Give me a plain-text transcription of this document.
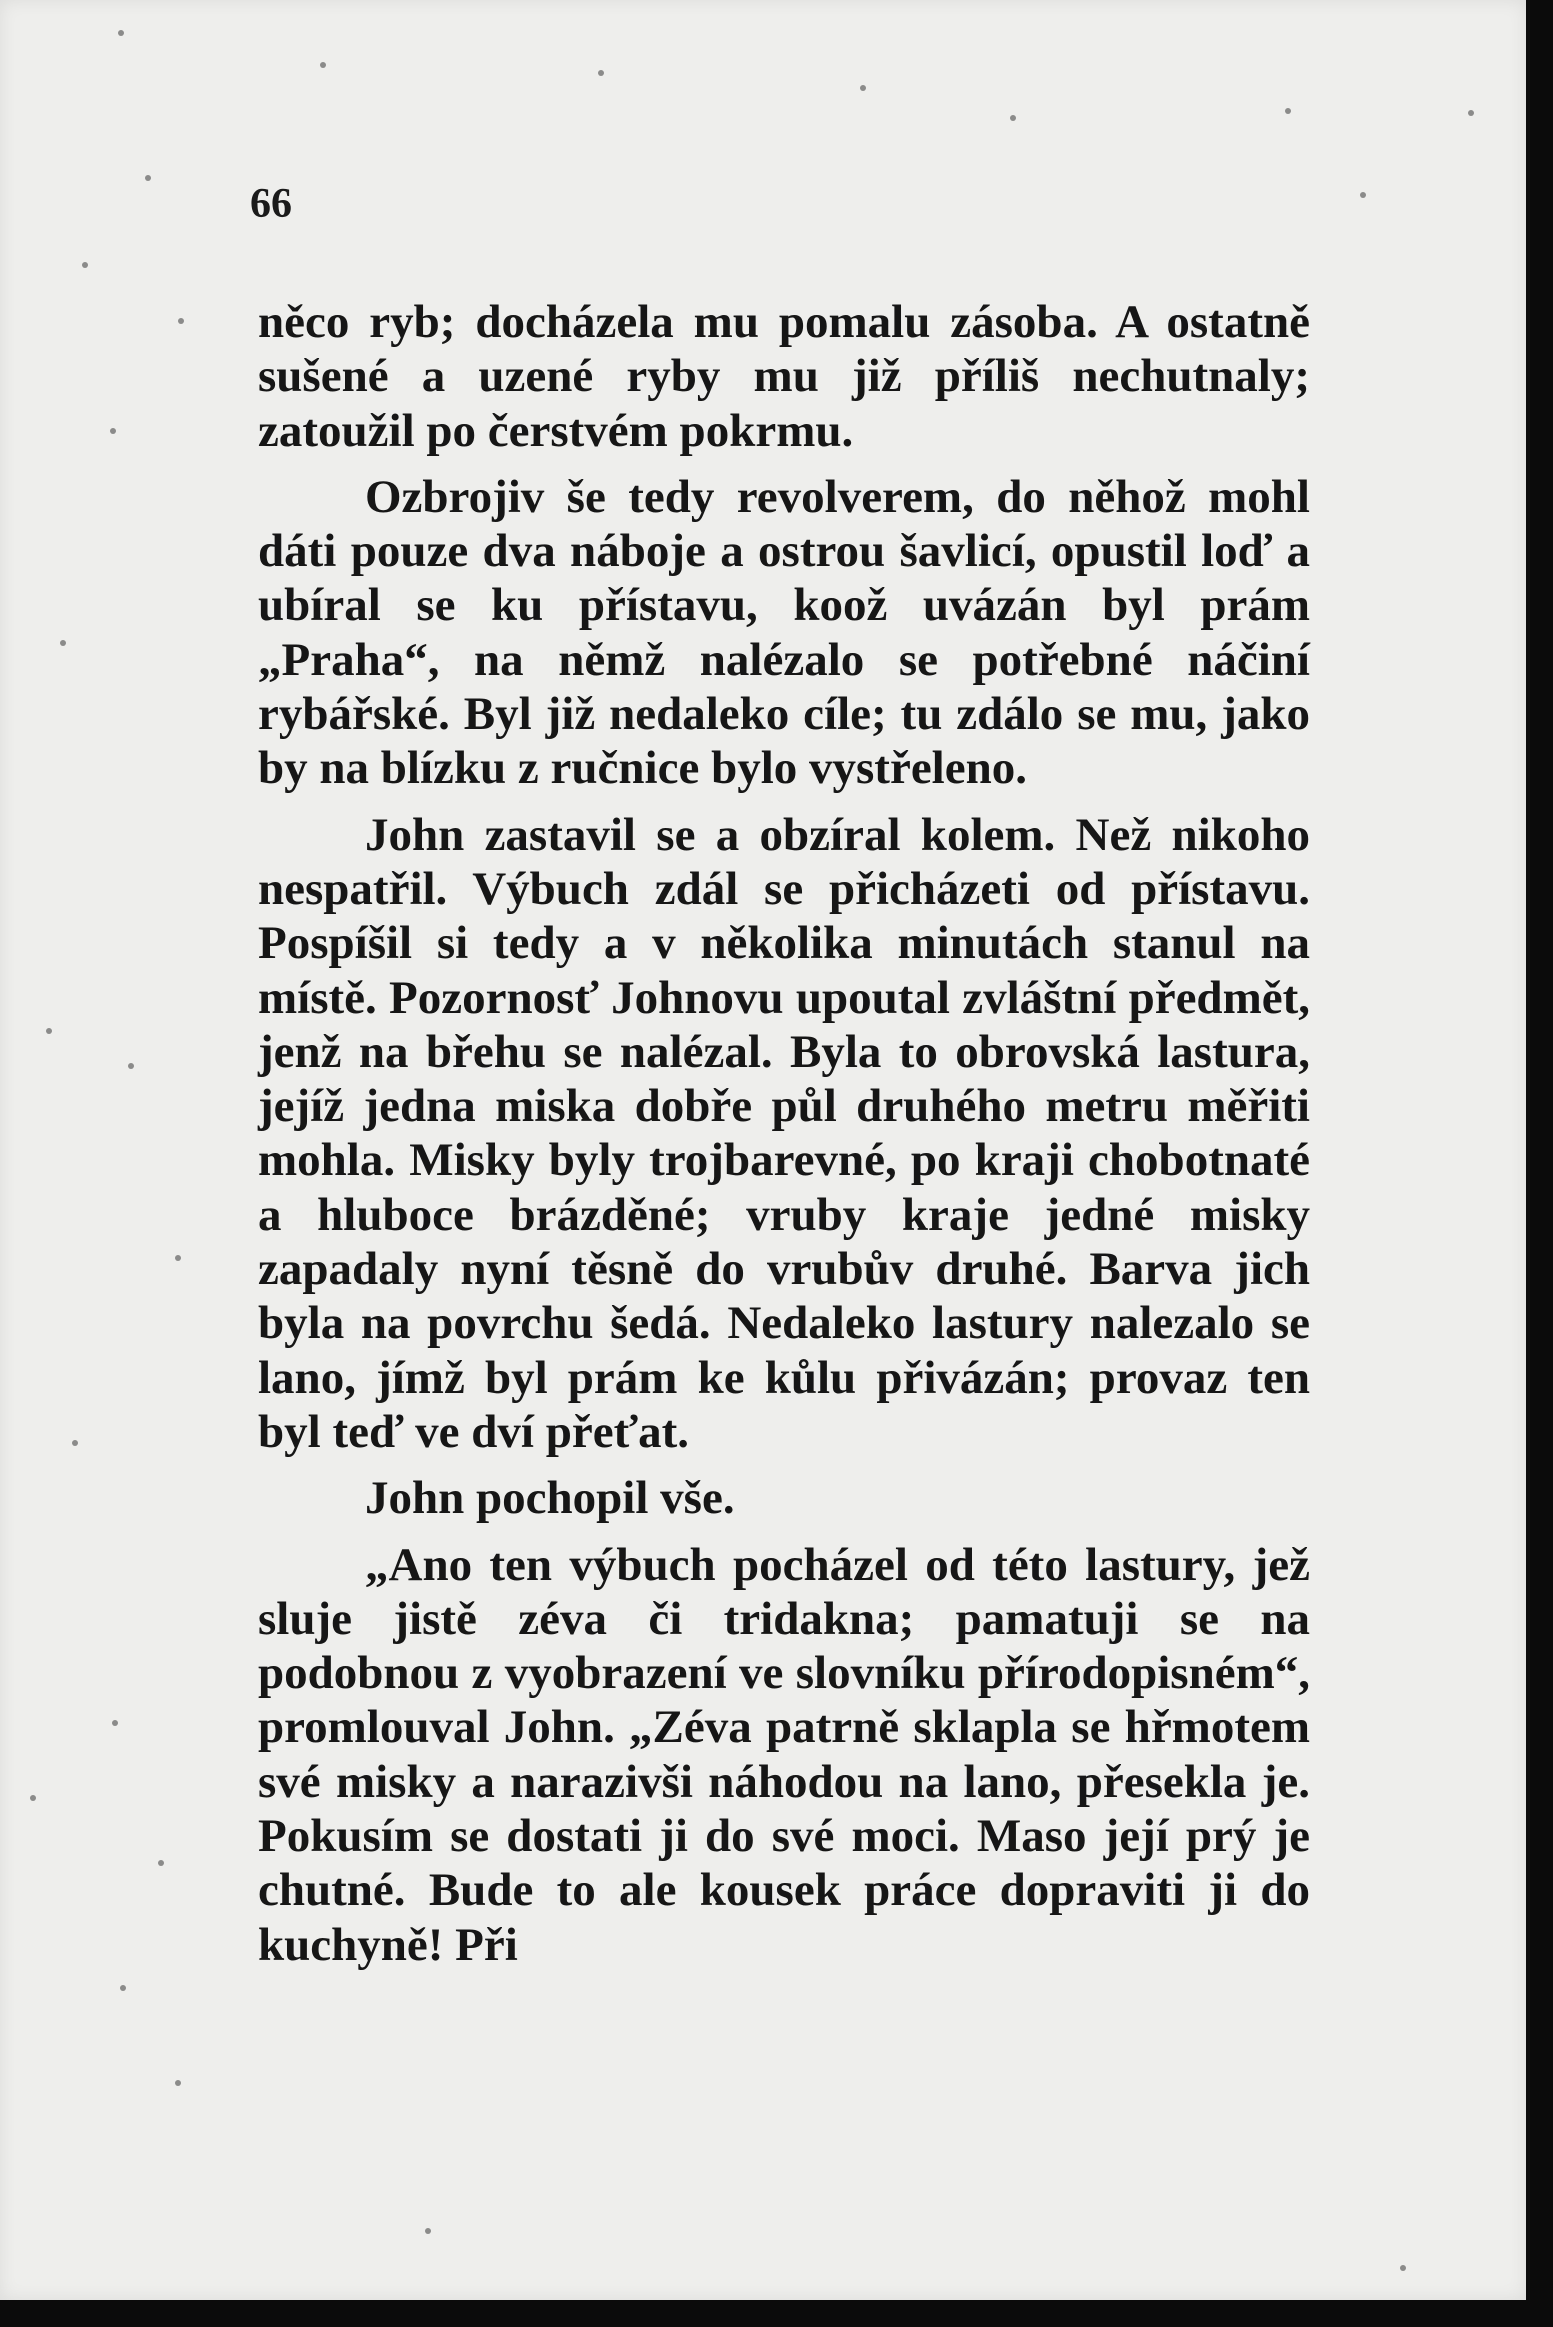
66

něco ryb; docházela mu pomalu zásoba. A ostatně sušené a uzené ryby mu již příliš nechutnaly; zatoužil po čerstvém pokrmu.

Ozbrojiv še tedy revolverem, do něhož mohl dáti pouze dva náboje a ostrou šavlicí, opustil loď a ubíral se ku přístavu, koož uvázán byl prám „Praha“, na němž nalézalo se potřebné náčiní rybářské. Byl již nedaleko cíle; tu zdálo se mu, jako by na blízku z ručnice bylo vystřeleno.

John zastavil se a obzíral kolem. Než nikoho nespatřil. Výbuch zdál se přicházeti od přístavu. Pospíšil si tedy a v několika minutách stanul na místě. Pozornosť Johnovu upoutal zvláštní předmět, jenž na břehu se nalézal. Byla to obrovská lastura, jejíž jedna miska dobře půl druhého metru měřiti mohla. Misky byly trojbarevné, po kraji chobotnaté a hluboce brázděné; vruby kraje jedné misky zapadaly nyní těsně do vrubův druhé. Barva jich byla na povrchu šedá. Nedaleko lastury nalezalo se lano, jímž byl prám ke kůlu přivázán; provaz ten byl teď ve dví přeťat.

John pochopil vše.

„Ano ten výbuch pocházel od této lastury, jež sluje jistě zéva či tridakna; pamatuji se na podobnou z vyobrazení ve slovníku přírodopisném“, promlouval John. „Zéva patrně sklapla se hřmotem své misky a narazivši náhodou na lano, přesekla je. Pokusím se dostati ji do své moci. Maso její prý je chutné. Bude to ale kousek práce dopraviti ji do kuchyně! Při
